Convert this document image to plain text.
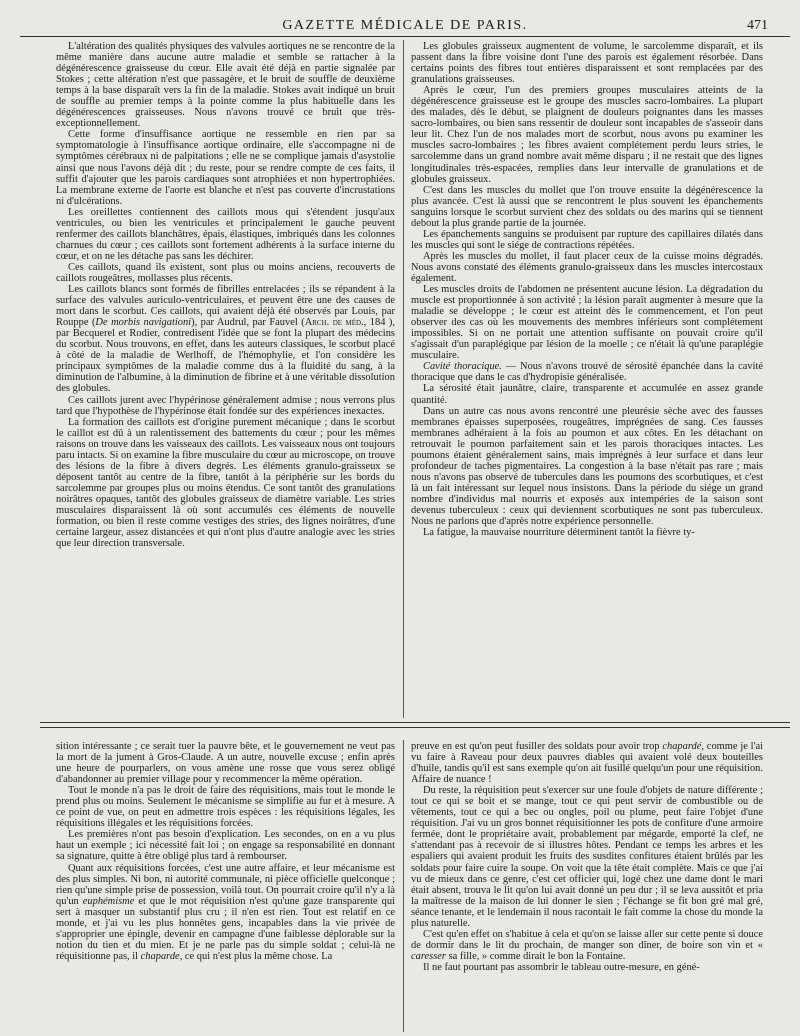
GAZETTE MÉDICALE DE PARIS.	471

L'altération des qualités physiques des valvules aortiques ne se rencontre de la même manière dans aucune autre maladie et semble se rattacher à la dégénérescence graisseuse du cœur. Elle avait été déjà en partie signalée par Stokes ; cette altération n'est que passagère, et le bruit de souffle de deuxième temps à la base disparaît vers la fin de la maladie. Stokes avait indiqué un bruit de souffle au premier temps à la pointe comme la plus habituelle dans les dégénérescences graisseuses. Nous n'avons trouvé ce bruit que très-exceptionnellement.

Cette forme d'insuffisance aortique ne ressemble en rien par sa symptomatologie à l'insuffisance aortique ordinaire, elle s'accompagne ni de symptômes cérébraux ni de palpitations ; elle ne se complique jamais d'asystolie ainsi que nous l'avons déjà dit ; du reste, pour se rendre compte de ces faits, il suffit d'ajouter que les parois cardiaques sont atrophiées et non hypertrophiées. La membrane externe de l'aorte est blanche et n'est pas couverte d'incrustations ni d'ulcérations.

Les oreillettes contiennent des caillots mous qui s'étendent jusqu'aux ventricules, ou bien les ventricules et principalement le gauche peuvent renfermer des caillots blanchâtres, épais, élastiques, imbriqués dans les colonnes charnues du cœur ; ces caillots sont fortement adhérents à la surface interne du cœur, et on ne les détache pas sans les déchirer.

Ces caillots, quand ils existent, sont plus ou moins anciens, recouverts de caillots rougeâtres, mollasses plus récents.

Les caillots blancs sont formés de fibrilles entrelacées ; ils se répandent à la surface des valvules auriculo-ventriculaires, et peuvent être une des causes de mort dans le scorbut. Ces caillots, qui avaient déjà été observés par Louis, par Rouppe (De morbis navigationi), par Audrul, par Fauvel (Arch. de méd., 184 ), par Becquerel et Rodier, contredisent l'idée que se font la plupart des médecins du scorbut. Nous trouvons, en effet, dans les auteurs classiques, le scorbut placé à côté de la maladie de Werlhoff, de l'hémophylie, et l'on considère les principaux symptômes de la maladie comme dus à la fluidité du sang, à la diminution de l'albumine, à la diminution de fibrine et à une véritable dissolution des globules.

Ces caillots jurent avec l'hypérinose généralement admise ; nous verrons plus tard que l'hypothèse de l'hypérinose était fondée sur des expériences inexactes.

La formation des caillots est d'origine purement mécanique ; dans le scorbut le caillot est dû à un ralentissement des battements du cœur ; pour les mêmes raisons on trouve dans les vaisseaux des caillots. Les vaisseaux nous ont toujours paru intacts. Si on examine la fibre musculaire du cœur au microscope, on trouve des lésions de la fibre à divers degrés. Les éléments granulo-graisseux se déposent tantôt au centre de la fibre, tantôt à la périphérie sur les bords du sarcolemme par groupes plus ou moins étendus. Ce sont tantôt des granulations noirâtres opaques, tantôt des globules graisseux de diamètre variable. Les stries musculaires disparaissent là où sont accumulés ces éléments de nouvelle formation, ou bien il reste comme vestiges des stries, des lignes noirâtres, d'une certaine largeur, assez distancées et qui n'ont plus d'autre analogie avec les stries que leur direction transversale.

Les globules graisseux augmentent de volume, le sarcolemme disparaît, et ils passent dans la fibre voisine dont l'une des parois est également résorbée. Dans certains points des fibres tout entières disparaissent et sont remplacées par des granulations graisseuses.

Après le cœur, l'un des premiers groupes musculaires atteints de la dégénérescence graisseuse est le groupe des muscles sacro-lombaires. La plupart des malades, dès le début, se plaignent de douleurs poignantes dans les masses sacro-lombaires, ou bien sans ressentir de douleur sont incapables de s'asseoir dans leur lit. Chez l'un de nos malades mort de scorbut, nous avons pu examiner les muscles sacro-lombaires ; les fibres avaient complétement perdu leurs stries, le sarcolemme dans un grand nombre avait même disparu ; il ne restait que des lignes longitudinales très-espacées, remplies dans leur intervalle de granulations et de globules graisseux.

C'est dans les muscles du mollet que l'on trouve ensuite la dégénérescence la plus avancée. C'est là aussi que se rencontrent le plus souvent les épanchements sanguins lorsque le scorbut survient chez des soldats ou des marins qui se tiennent debout la plus grande partie de la journée.

Les épanchements sanguins se produisent par rupture des capillaires dilatés dans les muscles qui sont le siége de contractions répétées.

Après les muscles du mollet, il faut placer ceux de la cuisse moins dégradés. Nous avons constaté des éléments granulo-graisseux dans les muscles intercostaux également.

Les muscles droits de l'abdomen ne présentent aucune lésion. La dégradation du muscle est proportionnée à son activité ; la lésion paraît augmenter à mesure que la maladie se développe ; le cœur est atteint dès le commencement, et l'on peut observer des cas où les mouvements des membres inférieurs sont complétement impossibles. Si on ne portait une attention suffisante on pouvait croire qu'il s'agissait d'un paraplégique par lésion de la moelle ; ce n'était là qu'une paraplégie musculaire.

Cavité thoracique. — Nous n'avons trouvé de sérosité épanchée dans la cavité thoracique que dans le cas d'hydropisie généralisée.

La sérosité était jaunâtre, claire, transparente et accumulée en assez grande quantité.

Dans un autre cas nous avons rencontré une pleurésie sèche avec des fausses membranes épaisses superposées, rougeâtres, imprégnées de sang. Ces fausses membranes adhéraient à la fois au poumon et aux côtes. En les détachant on retrouvait le poumon parfaitement sain et les parois thoraciques intactes. Les poumons étaient généralement sains, mais imprégnés à leur surface et dans leur profondeur de taches pigmentaires. La congestion à la base n'était pas rare ; mais nous n'avons pas observé de tubercules dans les poumons des scorbutiques, et c'est là un fait intéressant sur lequel nous insistons. Dans la période du siége un grand nombre d'individus mal nourris et exposés aux intempéries de la saison sont devenus tuberculeux : ceux qui deviennent scorbutiques ne sont pas tuberculeux. Nous ne parlons que d'après notre expérience personnelle.

La fatigue, la mauvaise nourriture déterminent tantôt la fièvre ty-

sition intéressante ; ce serait tuer la pauvre bête, et le gouvernement ne veut pas la mort de la jument à Gros-Claude. A un autre, nouvelle excuse ; enfin après une heure de pourparlers, on vous amène une rosse que vous serez obligé d'abandonner au premier village pour y recommencer la même opération.

Tout le monde n'a pas le droit de faire des réquisitions, mais tout le monde le prend plus ou moins. Seulement le mécanisme se simplifie au fur et à mesure. A ce point de vue, on peut en admettre trois espèces : les réquisitions légales, les réquisitions illégales et les réquisitions forcées.

Les premières n'ont pas besoin d'explication. Les secondes, on en a vu plus haut un exemple ; ici nécessité fait loi ; on engage sa responsabilité en donnant sa signature, quitte à être obligé plus tard à rembourser.

Quant aux réquisitions forcées, c'est une autre affaire, et leur mécanisme est des plus simples. Ni bon, ni autorité communale, ni pièce officielle quelconque ; rien qu'une simple prise de possession, voilà tout. On pourrait croire qu'il n'y a là qu'un euphémisme et que le mot réquisition n'est qu'une gaze transparente qui sert à masquer un substantif plus cru ; il n'en est rien. Tout est relatif en ce monde, et j'ai vu les plus honnêtes gens, incapables dans la vie privée de s'approprier une épingle, devenir en campagne d'une faiblesse déplorable sur la notion du tien et du mien. Et je ne parle pas du simple soldat ; celui-là ne réquisitionne pas, il chaparde, ce qui n'est plus la même chose. La

preuve en est qu'on peut fusiller des soldats pour avoir trop chapardé, comme je l'ai vu faire à Raveau pour deux pauvres diables qui avaient volé deux bouteilles d'huile, tandis qu'il est sans exemple qu'on ait fusillé quelqu'un pour une réquisition. Affaire de nuance !

Du reste, la réquisition peut s'exercer sur une foule d'objets de nature différente ; tout ce qui se boit et se mange, tout ce qui peut servir de combustible ou de vêtements, tout ce qui a bec ou ongles, poil ou plume, peut faire l'objet d'une réquisition. J'ai vu un gros bonnet réquisitionner les pots de confiture d'une armoire fermée, dont le propriétaire avait, probablement par mégarde, emporté la clef, ne s'attendant pas à recevoir de si illustres hôtes. Pendant ce temps les arbres et les espaliers qui avaient produit les fruits des susdites confitures étaient brûlés par les soldats pour faire cuire la soupe. On voit que la tête était complète. Mais ce que j'ai vu de mieux dans ce genre, c'est cet officier qui, logé chez une dame dont le mari était absent, trouva le lit qu'on lui avait donné un peu dur ; il se leva aussitôt et pria la maîtresse de la maison de lui donner le sien ; l'échange se fit bon gré mal gré, séance tenante, et le lendemain il nous racontait le fait comme la chose du monde la plus naturelle.

C'est qu'en effet on s'habitue à cela et qu'on se laisse aller sur cette pente si douce de dormir dans le lit du prochain, de manger son dîner, de boire son vin et « caresser sa fille, » comme dirait le bon la Fontaine.

Il ne faut pourtant pas assombrir le tableau outre-mesure, en géné-
